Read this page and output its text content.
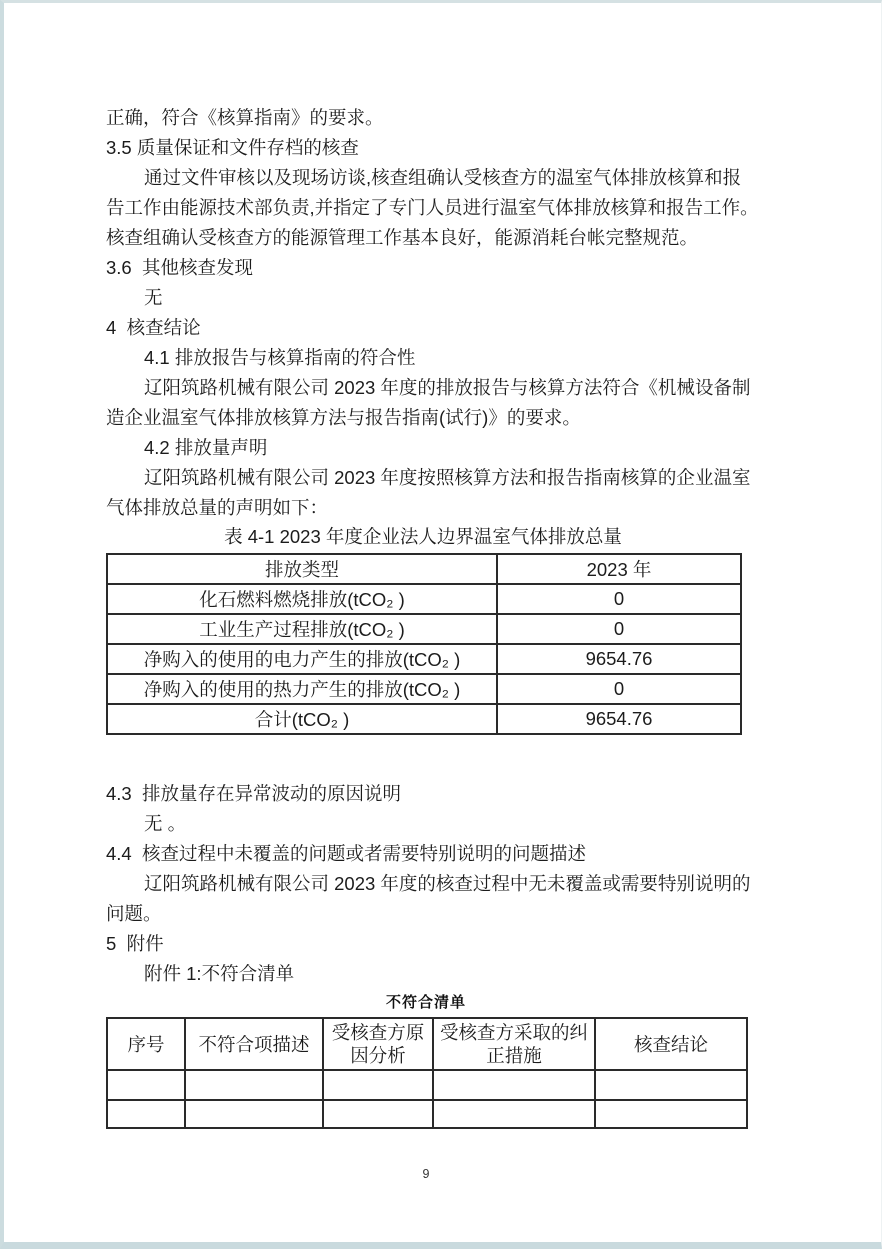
正确，符合《核算指南》的要求。

3.5 质量保证和文件存档的核查

通过文件审核以及现场访谈,核查组确认受核查方的温室气体排放核算和报

告工作由能源技术部负责,并指定了专门人员进行温室气体排放核算和报告工作。

核查组确认受核查方的能源管理工作基本良好，能源消耗台帐完整规范。

3.6  其他核查发现

无

4  核查结论

4.1 排放报告与核算指南的符合性

辽阳筑路机械有限公司 2023 年度的排放报告与核算方法符合《机械设备制

造企业温室气体排放核算方法与报告指南(试行)》的要求。

4.2 排放量声明

辽阳筑路机械有限公司 2023 年度按照核算方法和报告指南核算的企业温室

气体排放总量的声明如下：

表 4-1 2023 年度企业法人边界温室气体排放总量

排放类型	2023 年
化石燃料燃烧排放(tCO₂ )	0
工业生产过程排放(tCO₂ )	0
净购入的使用的电力产生的排放(tCO₂ )	9654.76
净购入的使用的热力产生的排放(tCO₂ )	0
合计(tCO₂ )	9654.76

4.3  排放量存在异常波动的原因说明

无 。

4.4  核查过程中未覆盖的问题或者需要特别说明的问题描述

辽阳筑路机械有限公司 2023 年度的核查过程中无未覆盖或需要特别说明的

问题。

5  附件

附件 1:不符合清单

不符合清单

序号	不符合项描述	受核查方原因分析	受核查方采取的纠正措施	核查结论

9
